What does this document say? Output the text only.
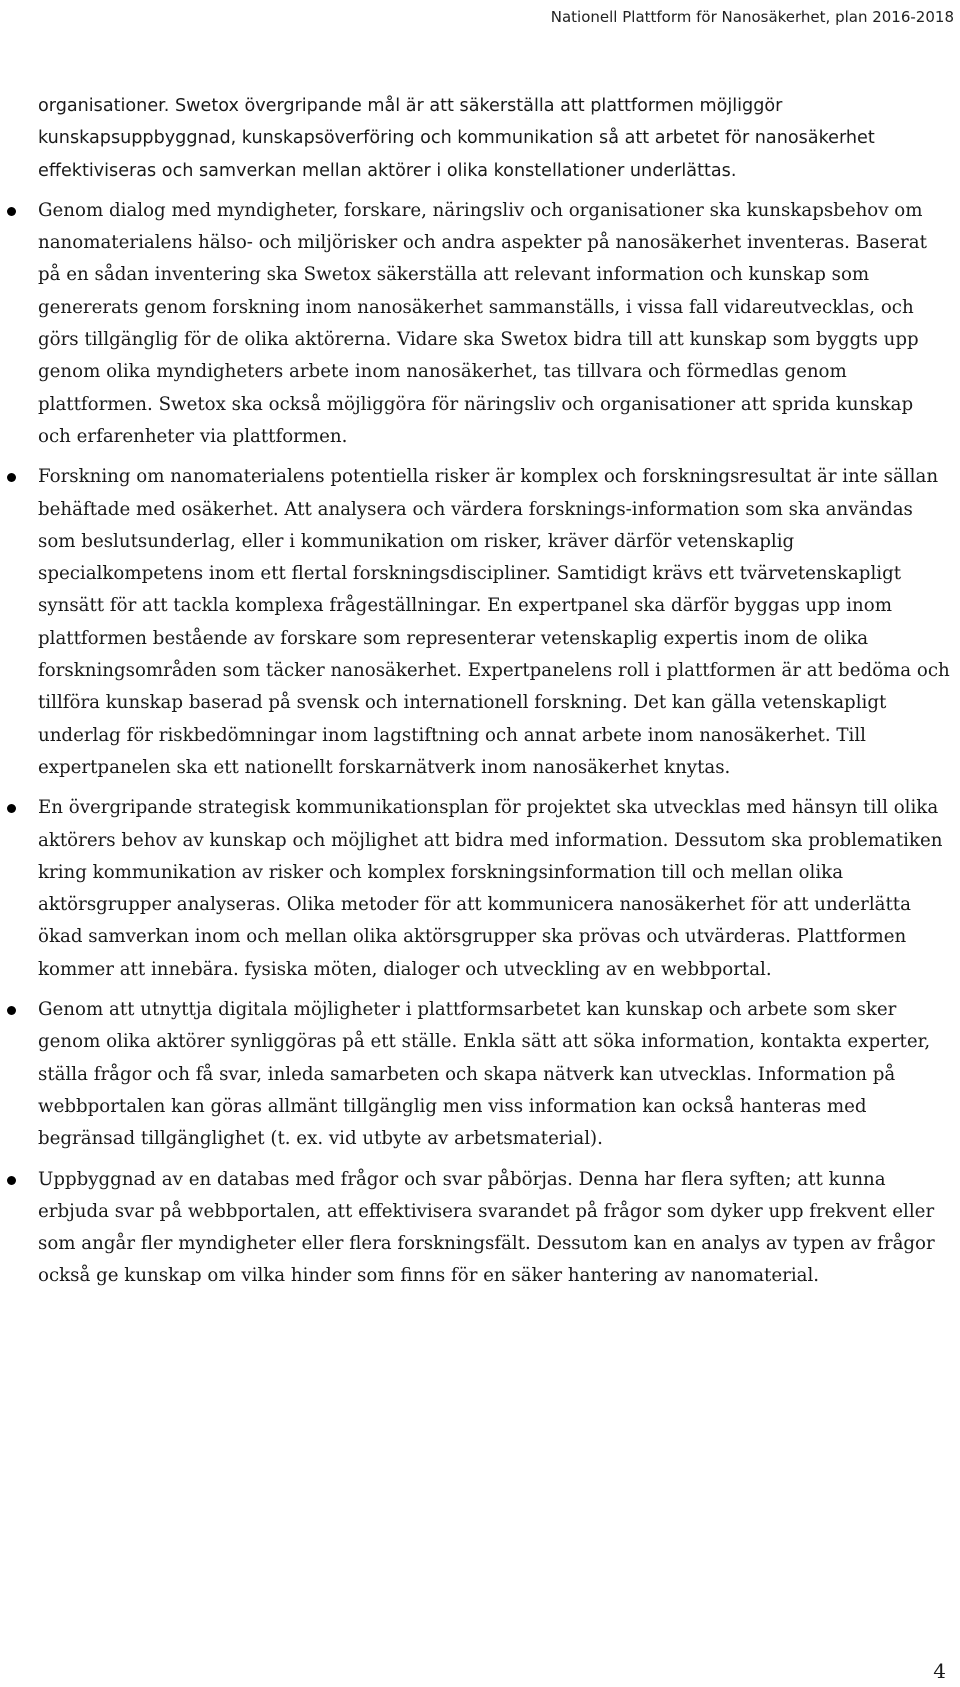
Nationell Plattform för Nanosäkerhet, plan 2016-2018

organisationer. Swetox övergripande mål är att säkerställa att plattformen möjliggör kunskapsuppbyggnad, kunskapsöverföring och kommunikation så att arbetet för nanosäkerhet effektiviseras och samverkan mellan aktörer i olika konstellationer underlättas.

Genom dialog med myndigheter, forskare, näringsliv och organisationer ska kunskapsbehov om nanomaterialens hälso- och miljörisker och andra aspekter på nanosäkerhet inventeras. Baserat på en sådan inventering ska Swetox säkerställa att relevant information och kunskap som genererats genom forskning inom nanosäkerhet sammanställs, i vissa fall vidareutvecklas, och görs tillgänglig för de olika aktörerna. Vidare ska Swetox bidra till att kunskap som byggts upp genom olika myndigheters arbete inom nanosäkerhet, tas tillvara och förmedlas genom plattformen. Swetox ska också möjliggöra för näringsliv och organisationer att sprida kunskap och erfarenheter via plattformen.

Forskning om nanomaterialens potentiella risker är komplex och forskningsresultat är inte sällan behäftade med osäkerhet. Att analysera och värdera forsknings-information som ska användas som beslutsunderlag, eller i kommunikation om risker, kräver därför vetenskaplig specialkompetens inom ett flertal forskningsdiscipliner. Samtidigt krävs ett tvärvetenskapligt synsätt för att tackla komplexa frågeställningar. En expertpanel ska därför byggas upp inom plattformen bestående av forskare som representerar vetenskaplig expertis inom de olika forskningsområden som täcker nanosäkerhet. Expertpanelens roll i plattformen är att bedöma och tillföra kunskap baserad på svensk och internationell forskning. Det kan gälla vetenskapligt underlag för riskbedömningar inom lagstiftning och annat arbete inom nanosäkerhet. Till expertpanelen ska ett nationellt forskarnätverk inom nanosäkerhet knytas.

En övergripande strategisk kommunikationsplan för projektet ska utvecklas med hänsyn till olika aktörers behov av kunskap och möjlighet att bidra med information. Dessutom ska problematiken kring kommunikation av risker och komplex forskningsinformation till och mellan olika aktörsgrupper analyseras. Olika metoder för att kommunicera nanosäkerhet för att underlätta ökad samverkan inom och mellan olika aktörsgrupper ska prövas och utvärderas. Plattformen kommer att innebära. fysiska möten, dialoger och utveckling av en webbportal.

Genom att utnyttja digitala möjligheter i plattformsarbetet kan kunskap och arbete som sker genom olika aktörer synliggöras på ett ställe. Enkla sätt att söka information, kontakta experter, ställa frågor och få svar, inleda samarbeten och skapa nätverk kan utvecklas. Information på webbportalen kan göras allmänt tillgänglig men viss information kan också hanteras med begränsad tillgänglighet (t. ex. vid utbyte av arbetsmaterial).

Uppbyggnad av en databas med frågor och svar påbörjas. Denna har flera syften; att kunna erbjuda svar på webbportalen, att effektivisera svarandet på frågor som dyker upp frekvent eller som angår fler myndigheter eller flera forskningsfält. Dessutom kan en analys av typen av frågor också ge kunskap om vilka hinder som finns för en säker hantering av nanomaterial.

4
